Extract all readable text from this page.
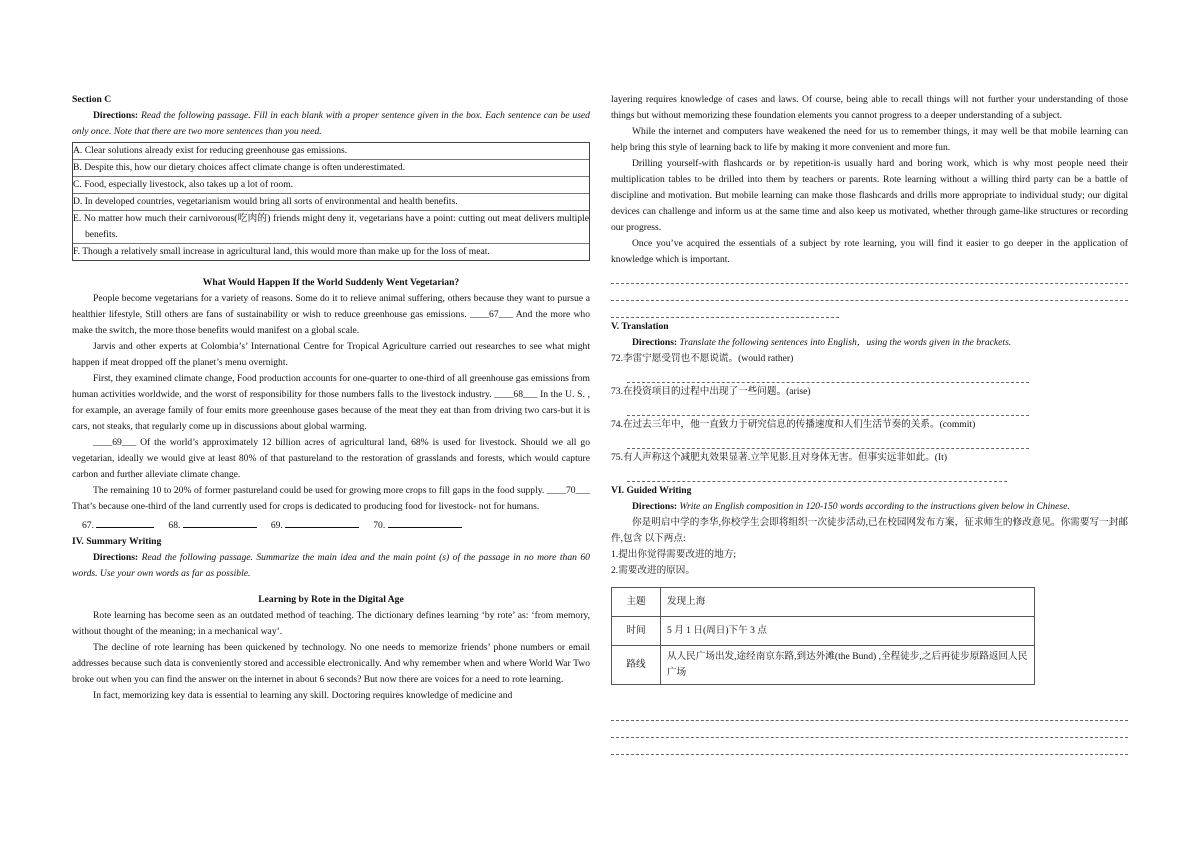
Section C

Directions: Read the following passage. Fill in each blank with a proper sentence given in the box. Each sentence can be used only once. Note that there are two more sentences than you need.

A. Clear solutions already exist for reducing greenhouse gas emissions.

B. Despite this, how our dietary choices affect climate change is often underestimated.

C. Food, especially livestock, also takes up a lot of room.

D. In developed countries, vegetarianism would bring all sorts of environmental and health benefits.

E. No matter how much their carnivorous(吃肉的) friends might deny it, vegetarians have a point: cutting out meat delivers multiple benefits.

F. Though a relatively small increase in agricultural land, this would more than make up for the loss of meat.

What Would Happen If the World Suddenly Went Vegetarian?

People become vegetarians for a variety of reasons. Some do it to relieve animal suffering, others because they want to pursue a healthier lifestyle, Still others are fans of sustainability or wish to reduce greenhouse gas emissions. ____67___ And the more who make the switch, the more those benefits would manifest on a global scale.

Jarvis and other experts at Colombia’s’ International Centre for Tropical Agriculture carried out researches to see what might happen if meat dropped off the planet’s menu overnight.

First, they examined climate change, Food production accounts for one-quarter to one-third of all greenhouse gas emissions from human activities worldwide, and the worst of responsibility for those numbers falls to the livestock industry. ____68___ In the U. S. , for example, an average family of four emits more greenhouse gases because of the meat they eat than from driving two cars-but it is cars, not steaks, that regularly come up in discussions about global warming.

____69___ Of the world’s approximately 12 billion acres of agricultural land, 68% is used for livestock. Should we all go vegetarian, ideally we would give at least 80% of that pastureland to the restoration of grasslands and forests, which would capture carbon and further alleviate climate change.

The remaining 10 to 20% of former pastureland could be used for growing more crops to fill gaps in the food supply. ____70___ That’s because one-third of the land currently used for crops is dedicated to producing food for livestock- not for humans.

67.	68.	69.	70.

IV. Summary Writing

Directions: Read the following passage. Summarize the main idea and the main point (s) of the passage in no more than 60 words. Use your own words as far as possible.

Learning by Rote in the Digital Age

Rote learning has become seen as an outdated method of teaching. The dictionary defines learning ‘by rote’ as: ‘from memory, without thought of the meaning; in a mechanical way’.

The decline of rote learning has been quickened by technology. No one needs to memorize friends’ phone numbers or email addresses because such data is conveniently stored and accessible electronically. And why remember when and where World War Two broke out when you can find the answer on the internet in about 6 seconds? But now there are voices for a need to rote learning.

In fact, memorizing key data is essential to learning any skill. Doctoring requires knowledge of medicine and

layering requires knowledge of cases and laws. Of course, being able to recall things will not further your understanding of those things but without memorizing these foundation elements you cannot progress to a deeper understanding of a subject.

While the internet and computers have weakened the need for us to remember things, it may well be that mobile learning can help bring this style of learning back to life by making it more convenient and more fun.

Drilling yourself-with flashcards or by repetition-is usually hard and boring work, which is why most people need their multiplication tables to be drilled into them by teachers or parents. Rote learning without a willing third party can be a battle of discipline and motivation. But mobile learning can make those flashcards and drills more appropriate to individual study; our digital devices can challenge and inform us at the same time and also keep us motivated, whether through game-like structures or recording our progress.

Once you’ve acquired the essentials of a subject by rote learning, you will find it easier to go deeper in the application of knowledge which is important.

V. Translation

Directions: Translate the following sentences into English，using the words given in the brackets.

72.李雷宁愿受罚也不愿说谎。(would rather)

73.在投资项目的过程中出现了一些问题。(arise)

74.在过去三年中，他一直致力于研究信息的传播速度和人们生活节奏的关系。(commit)

75.有人声称这个减肥丸效果显著.立竿见影.且对身体无害。但事实远非如此。(It)

VI. Guided Writing

Directions: Write an English composition in 120-150 words according to the instructions given below in Chinese.

你是明启中学的李华,你校学生会即将组织一次徒步活动,已在校园网发布方案，征求师生的修改意见。你需要写一封邮件,包含 以下两点:

1.提出你觉得需要改进的地方;

2.需要改进的原因。

主题	发现上海
时间	5 月 1 日(周日)下午 3 点
路线	从人民广场出发,途经南京东路,到达外滩(the Bund) ,全程徒步,之后再徒步原路返回人民广场
